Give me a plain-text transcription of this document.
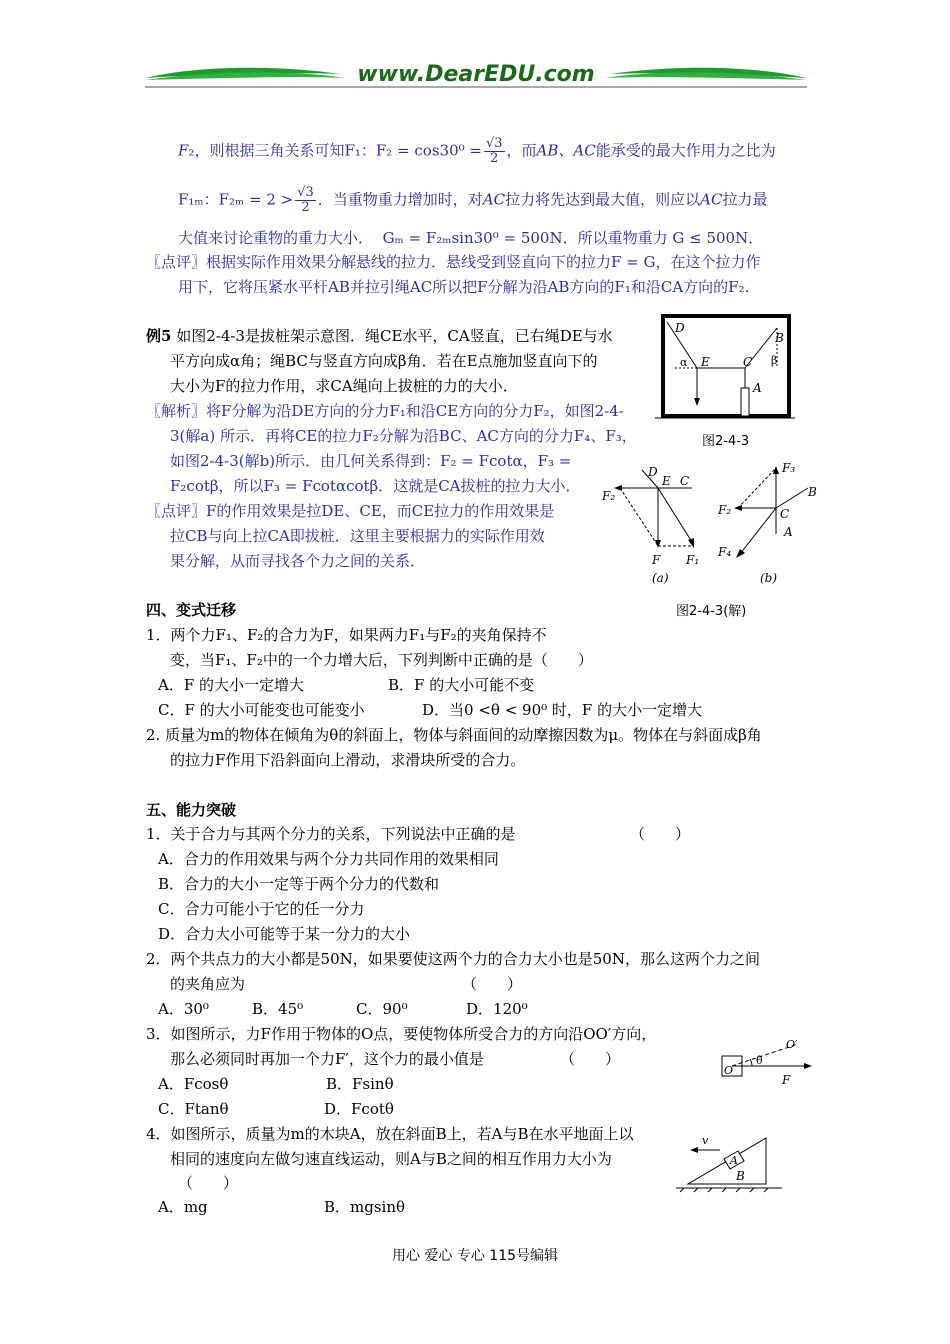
www.DearEDU.com
F₂，则根据三角关系可知F₁：$F_2 = \cos 30^0 = \frac{√3}{2}$ ，而AB、AC能承受的最大作用力之比为
F₁ₘ：$F_{2m} = 2 > \frac{√3}{2}$ ．当重物重力增加时，对AC拉力将先达到最大值，则应以AC拉力最
大值来讨论重物的重力大小． Gₘ = F₂ₘsin30⁰ = 500N．所以重物重力 G ≤ 500N．
〖点评〗根据实际作用效果分解悬线的拉力．悬线受到竖直向下的拉力F = G，在这个拉力作
用下，它将压紧水平杆AB并拉引绳AC所以把F分解为沿AB方向的F₁和沿CA方向的F₂.
例5 如图2-4-3是拔桩架示意图．绳CE水平，CA竖直，已右绳DE与水
平方向成α角；绳BC与竖直方向成β角．若在E点施加竖直向下的
大小为F的拉力作用，求CA绳向上拔桩的力的大小．
〖解析〗将F分解为沿DE方向的分力F₁和沿CE方向的分力F₂，如图2-4-
3(解a) 所示．再将CE的拉力F₂分解为沿BC、AC方向的分力F₄、F₃，
如图2-4-3(解b)所示．由几何关系得到：F₂ = Fcotα，F₃ =
F₂cotβ，所以F₃ = Fcotαcotβ．这就是CA拔桩的拉力大小．
〖点评〗F的作用效果是拉DE、CE，而CE拉力的作用效果是
拉CB与向上拉CA即拔桩．这里主要根据力的实际作用效
果分解，从而寻找各个力之间的关系．
D
B
E	C
A
α	β
图2-4-3
D
E C
F₂
F F₁
(a)
F₃
B
F₂	C
A
F₄
(b)
图2-4-3(解)
四、变式迁移
1．两个力F₁、F₂的合力为F，如果两力F₁与F₂的夹角保持不
变，当F₁、F₂中的一个力增大后，下列判断中正确的是（　　）
A．F 的大小一定增大	B．F 的大小可能不变
C．F 的大小可能变也可能变小	D．当0 <θ < 90⁰ 时，F 的大小一定增大
2. 质量为m的物体在倾角为θ的斜面上，物体与斜面间的动摩擦因数为μ。物体在与斜面成β角
的拉力F作用下沿斜面向上滑动，求滑块所受的合力。
五、能力突破
1．关于合力与其两个分力的关系，下列说法中正确的是	（　　）
A．合力的作用效果与两个分力共同作用的效果相同
B．合力的大小一定等于两个分力的代数和
C．合力可能小于它的任一分力
D．合力大小可能等于某一分力的大小
2．两个共点力的大小都是50N，如果要使这两个力的合力大小也是50N，那么这两个力之间
的夹角应为	（　　）
A．30⁰	B．45⁰	C．90⁰	D．120⁰
3．如图所示，力F作用于物体的O点，要使物体所受合力的方向沿OO′方向，
那么必须同时再加一个力F′，这个力的最小值是	（　　）
A．Fcosθ	B．Fsinθ
C．Ftanθ	D．Fcotθ
4．如图所示，质量为m的木块A，放在斜面B上，若A与B在水平地面上以
相同的速度向左做匀速直线运动，则A与B之间的相互作用力大小为
（　　）
A．mg	B．mgsinθ
O
O′
θ
F
v
A
B
用心 爱心 专心 115号编辑
